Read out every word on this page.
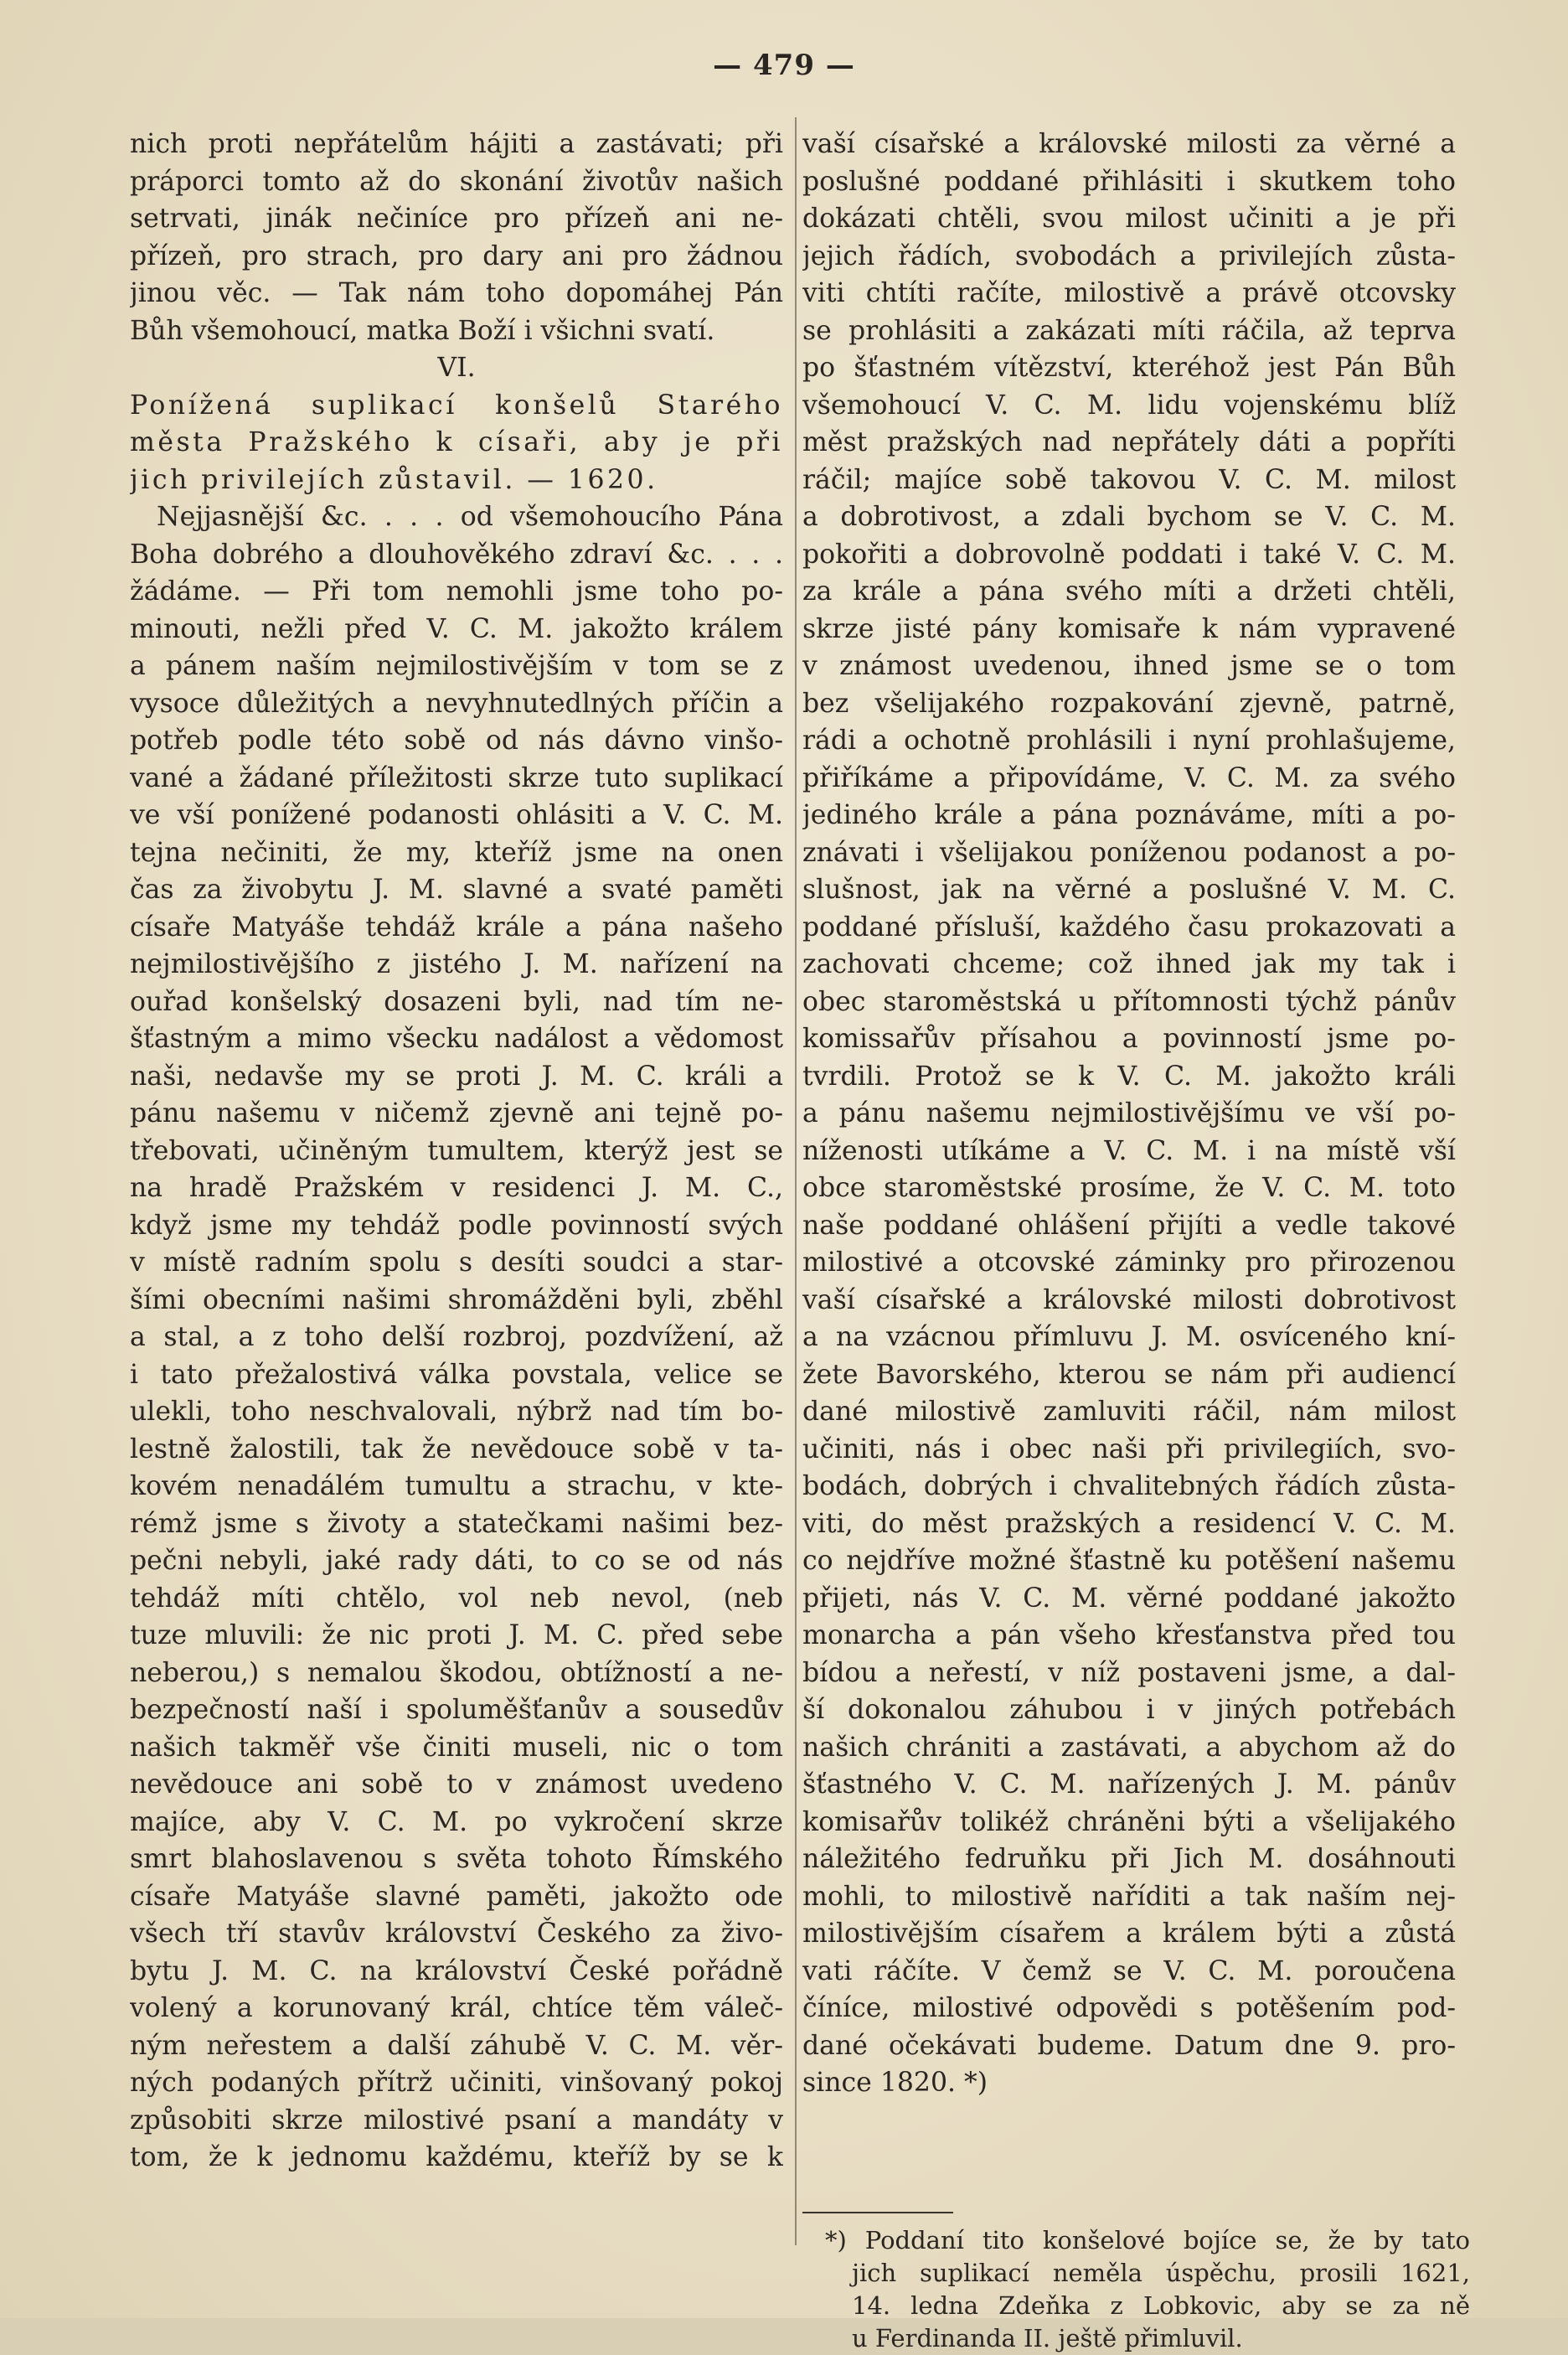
— 479 —
nich proti nepřátelům hájiti a zastávati; při
práporci tomto až do skonání životův našich
setrvati, jinák nečiníce pro přízeň ani ne-
přízeň, pro strach, pro dary ani pro žádnou
jinou věc. — Tak nám toho dopomáhej Pán
Bůh všemohoucí, matka Boží i všichni svatí.
VI.
Ponížená suplikací konšelů Starého
města Pražského k císaři, aby je při
jich privilejích zůstavil. — 1620.
Nejjasnější &c. . . . od všemohoucího Pána
Boha dobrého a dlouhověkého zdraví &c. . . .
žádáme. — Při tom nemohli jsme toho po-
minouti, nežli před V. C. M. jakožto králem
a pánem naším nejmilostivějším v tom se z
vysoce důležitých a nevyhnutedlných příčin a
potřeb podle této sobě od nás dávno vinšo-
vané a žádané příležitosti skrze tuto suplikací
ve vší ponížené podanosti ohlásiti a V. C. M.
tejna nečiniti, že my, kteříž jsme na onen
čas za živobytu J. M. slavné a svaté paměti
císaře Matyáše tehdáž krále a pána našeho
nejmilostivějšího z jistého J. M. nařízení na
ouřad konšelský dosazeni byli, nad tím ne-
šťastným a mimo všecku nadálost a vědomost
naši, nedavše my se proti J. M. C. králi a
pánu našemu v ničemž zjevně ani tejně po-
třebovati, učiněným tumultem, kterýž jest se
na hradě Pražském v residenci J. M. C.,
když jsme my tehdáž podle povinností svých
v místě radním spolu s desíti soudci a star-
šími obecními našimi shromážděni byli, zběhl
a stal, a z toho delší rozbroj, pozdvížení, až
i tato přežalostivá válka povstala, velice se
ulekli, toho neschvalovali, nýbrž nad tím bo-
lestně žalostili, tak že nevědouce sobě v ta-
kovém nenadálém tumultu a strachu, v kte-
rémž jsme s životy a statečkami našimi bez-
pečni nebyli, jaké rady dáti, to co se od nás
tehdáž míti chtělo, vol neb nevol, (neb
tuze mluvili: že nic proti J. M. C. před sebe
neberou,) s nemalou škodou, obtížností a ne-
bezpečností naší i spoluměšťanův a sousedův
našich takměř vše činiti museli, nic o tom
nevědouce ani sobě to v známost uvedeno
majíce, aby V. C. M. po vykročení skrze
smrt blahoslavenou s světa tohoto Římského
císaře Matyáše slavné paměti, jakožto ode
všech tří stavův království Českého za živo-
bytu J. M. C. na království České pořádně
volený a korunovaný král, chtíce těm váleč-
ným neřestem a další záhubě V. C. M. věr-
ných podaných přítrž učiniti, vinšovaný pokoj
způsobiti skrze milostivé psaní a mandáty v
tom, že k jednomu každému, kteříž by se k
vaší císařské a královské milosti za věrné a
poslušné poddané přihlásiti i skutkem toho
dokázati chtěli, svou milost učiniti a je při
jejich řádích, svobodách a privilejích zůsta-
viti chtíti račíte, milostivě a právě otcovsky
se prohlásiti a zakázati míti ráčila, až teprva
po šťastném vítězství, kteréhož jest Pán Bůh
všemohoucí V. C. M. lidu vojenskému blíž
měst pražských nad nepřátely dáti a popříti
ráčil; majíce sobě takovou V. C. M. milost
a dobrotivost, a zdali bychom se V. C. M.
pokořiti a dobrovolně poddati i také V. C. M.
za krále a pána svého míti a držeti chtěli,
skrze jisté pány komisaře k nám vypravené
v známost uvedenou, ihned jsme se o tom
bez všelijakého rozpakování zjevně, patrně,
rádi a ochotně prohlásili i nyní prohlašujeme,
přiříkáme a připovídáme, V. C. M. za svého
jediného krále a pána poznáváme, míti a po-
znávati i všelijakou poníženou podanost a po-
slušnost, jak na věrné a poslušné V. M. C.
poddané přísluší, každého času prokazovati a
zachovati chceme; což ihned jak my tak i
obec staroměstská u přítomnosti týchž pánův
komissařův přísahou a povinností jsme po-
tvrdili. Protož se k V. C. M. jakožto králi
a pánu našemu nejmilostivějšímu ve vší po-
níženosti utíkáme a V. C. M. i na místě vší
obce staroměstské prosíme, že V. C. M. toto
naše poddané ohlášení přijíti a vedle takové
milostivé a otcovské záminky pro přirozenou
vaší císařské a královské milosti dobrotivost
a na vzácnou přímluvu J. M. osvíceného kní-
žete Bavorského, kterou se nám při audiencí
dané milostivě zamluviti ráčil, nám milost
učiniti, nás i obec naši při privilegiích, svo-
bodách, dobrých i chvalitebných řádích zůsta-
viti, do měst pražských a residencí V. C. M.
co nejdříve možné šťastně ku potěšení našemu
přijeti, nás V. C. M. věrné poddané jakožto
monarcha a pán všeho křesťanstva před tou
bídou a neřestí, v níž postaveni jsme, a dal-
ší dokonalou záhubou i v jiných potřebách
našich chrániti a zastávati, a abychom až do
šťastného V. C. M. nařízených J. M. pánův
komisařův tolikéž chráněni býti a všelijakého
náležitého fedruňku při Jich M. dosáhnouti
mohli, to milostivě naříditi a tak naším nej-
milostivějším císařem a králem býti a zůstá
vati ráčíte. V čemž se V. C. M. poroučena
číníce, milostivé odpovědi s potěšením pod-
dané očekávati budeme. Datum dne 9. pro-
since 1820. *)
*) Poddaní tito konšelové bojíce se, že by tato
jich suplikací neměla úspěchu, prosili 1621,
14. ledna Zdeňka z Lobkovic, aby se za ně
u Ferdinanda II. ještě přimluvil.
